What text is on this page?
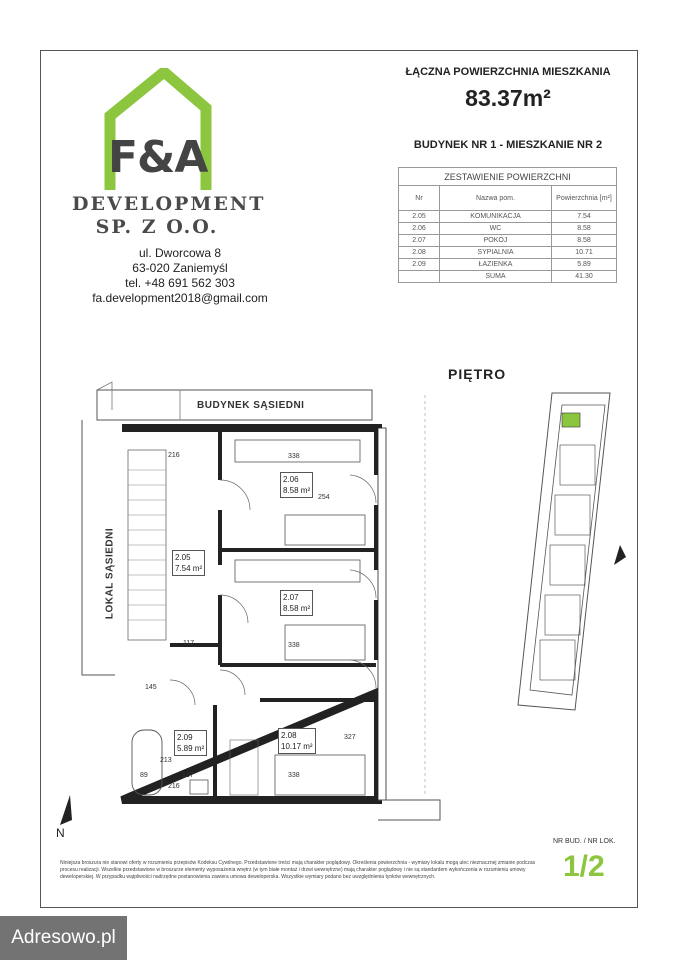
F&A
DEVELOPMENT
SP. Z O.O.
ul. Dworcowa 8
63-020 Zaniemyśl
tel. +48 691 562 303
fa.development2018@gmail.com
ŁĄCZNA POWIERZCHNIA MIESZKANIA
83.37m²
BUDYNEK NR 1 - MIESZKANIE NR 2
ZESTAWIENIE POWIERZCHNI		
Nr	Nazwa pom.	Powierzchnia [m²]
2.05	KOMUNIKACJA	7.54
2.06	WC	8.58
2.07	POKÓJ	8.58
2.08	SYPIALNIA	10.71
2.09	ŁAZIENKA	5.89
	SUMA	41.30
PIĘTRO
BUDYNEK SĄSIEDNI
LOKAL SĄSIEDNI	2.05
7.54 m²
2.06
8.58 m²
2.07
8.58 m²
2.08
10.17 m²
2.09
5.89 m²
216	338
338
338
117
145
213
89	127
216
327
254
N
Niniejsza broszura nie stanowi oferty w rozumieniu przepisów Kodeksu Cywilnego. Przedstawione treści mają charakter poglądowy. Określenia powierzchnia - wymiary lokalu mogą ulec nieznacznej zmianie podczas procesu realizacji. Wszelkie przedstawione w broszurze elementy wyposażenia wnętrz (w tym białe montaż i drzwi wewnętrzne) mają charakter poglądowy i nie są standardem wykończenia w rozumieniu umowy deweloperskiej. W przypadku wątpliwości nadrzędne postanowienia zawiera umowa deweloperska. Wszystkie wymiary podano bez uwzględnienia tynków wewnętrznych.
NR BUD. / NR LOK.
1/2
Adresowo.pl
